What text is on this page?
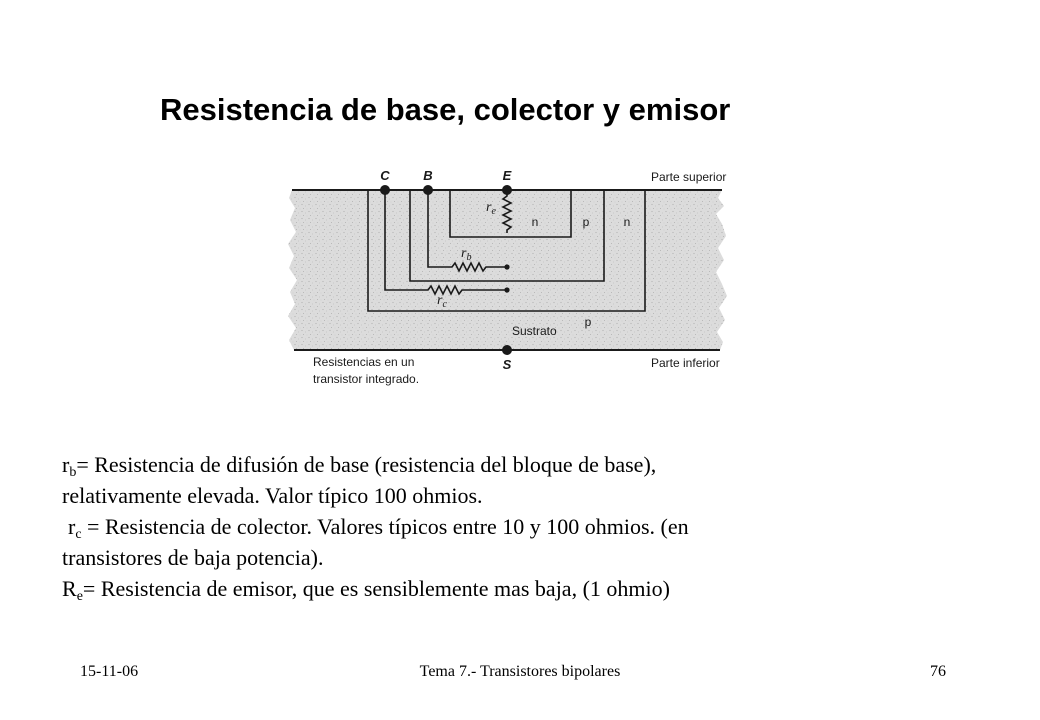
Resistencia de base, colector y emisor
C	B	E
S
Parte superior
Parte inferior
n	p	n
Sustrato
p
$r_e$
$r_b$
$r_c$
Resistencias en un
transistor integrado.
$r_b=$ Resistencia de difusión de base (resistencia del bloque de base),
relativamente elevada. Valor típico 100 ohmios.
$r_c$ = Resistencia de colector. Valores típicos entre 10 y 100 ohmios. (en
transistores de baja potencia).
$R_e=$ Resistencia de emisor, que es sensiblemente mas baja, (1 ohmio)
15-11-06	Tema 7.- Transistores bipolares	76
